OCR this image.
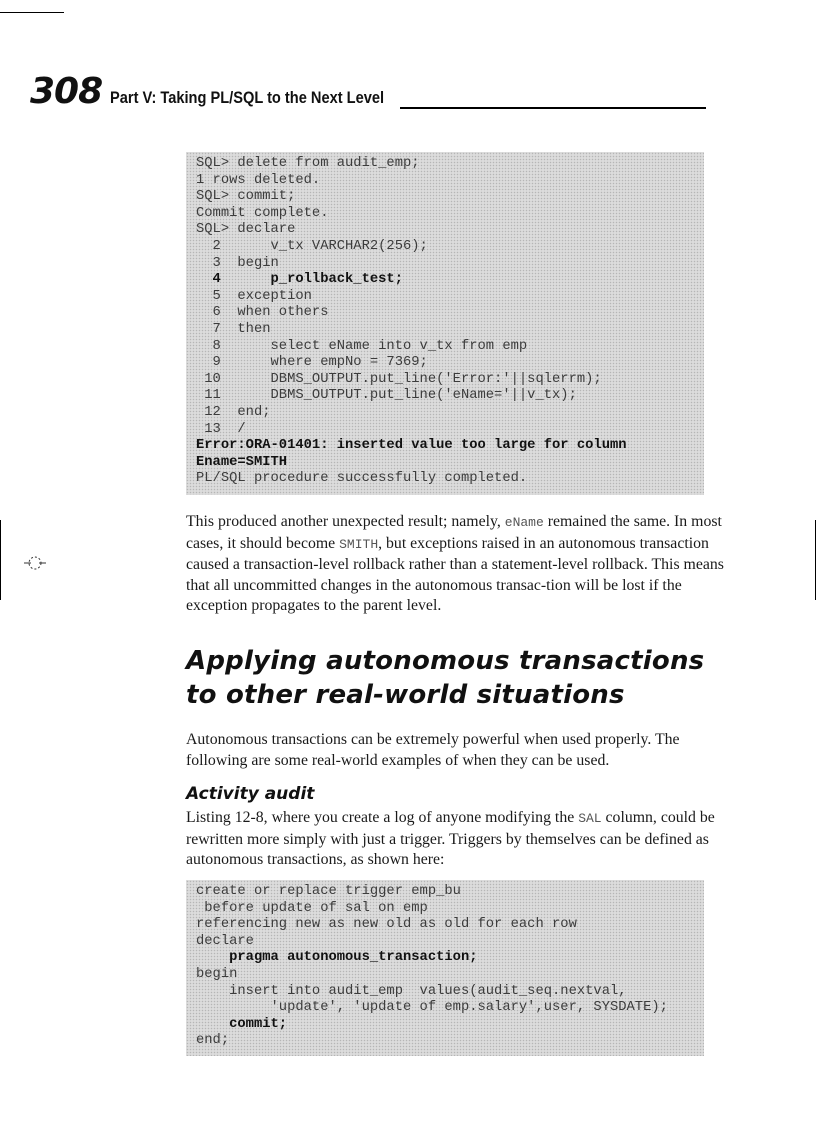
308 Part V: Taking PL/SQL to the Next Level
SQL> delete from audit_emp;
1 rows deleted.
SQL> commit;
Commit complete.
SQL> declare
2      v_tx VARCHAR2(256);
3  begin
4      p_rollback_test;
5  exception
6  when others
7  then
8      select eName into v_tx from emp
9      where empNo = 7369;
10      DBMS_OUTPUT.put_line('Error:'||sqlerrm);
11      DBMS_OUTPUT.put_line('eName='||v_tx);
12  end;
13  /
Error:ORA-01401: inserted value too large for column
Ename=SMITH
PL/SQL procedure successfully completed.

This produced another unexpected result; namely, eName remained the same. In most cases, it should become SMITH, but exceptions raised in an autonomous transaction caused a transaction-level rollback rather than a statement-level rollback. This means that all uncommitted changes in the autonomous transac-tion will be lost if the exception propagates to the parent level.

Applying autonomous transactions
to other real-world situations

Autonomous transactions can be extremely powerful when used properly. The following are some real-world examples of when they can be used.

Activity audit

Listing 12-8, where you create a log of anyone modifying the SAL column, could be rewritten more simply with just a trigger. Triggers by themselves can be defined as autonomous transactions, as shown here:

create or replace trigger emp_bu
before update of sal on emp
referencing new as new old as old for each row
declare
pragma autonomous_transaction;
begin
insert into audit_emp  values(audit_seq.nextval,
'update', 'update of emp.salary',user, SYSDATE);
commit;
end;
